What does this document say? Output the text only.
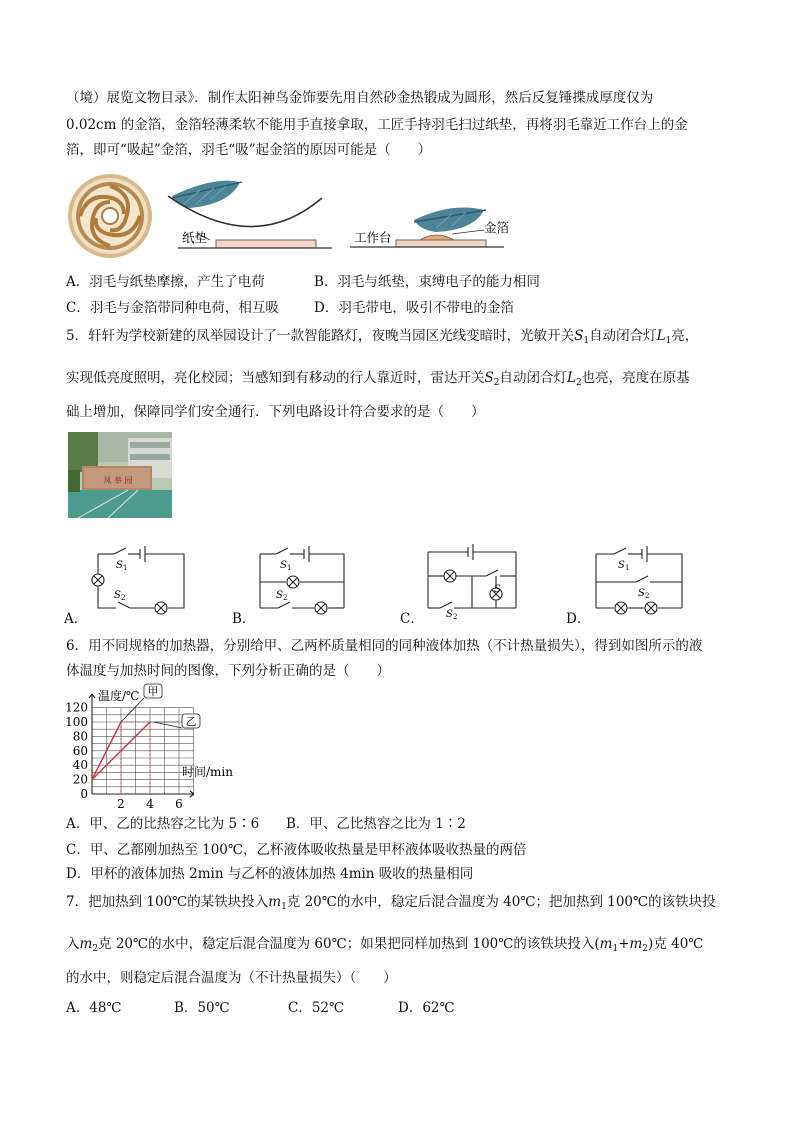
（境）展览文物目录》．制作太阳神鸟金饰要先用自然砂金热锻成为圆形，然后反复锤揲成厚度仅为
0.02cm 的金箔，金箔轻薄柔软不能用手直接拿取，工匠手持羽毛扫过纸垫，再将羽毛靠近工作台上的金
箔，即可“吸起”金箔，羽毛“吸”起金箔的原因可能是（　　）
纸垫	工作台
金箔
A．羽毛与纸垫摩擦，产生了电荷	B．羽毛与纸垫，束缚电子的能力相同
C．羽毛与金箔带同种电荷，相互吸	D．羽毛带电，吸引不带电的金箔
5．轩轩为学校新建的凤举园设计了一款智能路灯，夜晚当园区光线变暗时，光敏开关$S_1$自动闭合灯$L_1$亮，
实现低亮度照明，亮化校园；当感知到有移动的行人靠近时，雷达开关$S_2$自动闭合灯$L_2$也亮，亮度在原基
础上增加，保障同学们安全通行．下列电路设计符合要求的是（　　）
凤 举 园
S 1
S 2
A．
S 1
S 2
B．
S
S 2
C．
S 1
S 2
D．
6．用不同规格的加热器，分别给甲、乙两杯质量相同的同种液体加热（不计热量损失），得到如图所示的液
体温度与加热时间的图像，下列分析正确的是（　　）
0
20
40
60
80
100
120
2 4 6
温度/℃
时间/min
甲
乙
A．甲、乙的比热容之比为 5∶6 B．甲、乙比热容之比为 1∶2
C．甲、乙都刚加热至 100℃，乙杯液体吸收热量是甲杯液体吸收热量的两倍
D．甲杯的液体加热 2min 与乙杯的液体加热 4min 吸收的热量相同
7．把加热到 100℃的某铁块投入$m_1$克 20℃的水中，稳定后混合温度为 40℃；把加热到 100℃的该铁块投
入$m_2$克 20℃的水中，稳定后混合温度为 60℃；如果把同样加热到 100℃的该铁块投入$(m_1+m_2)$克 40℃
的水中，则稳定后混合温度为（不计热量损失）（　　）
A．48℃	B．50℃	C．52℃	D．62℃
